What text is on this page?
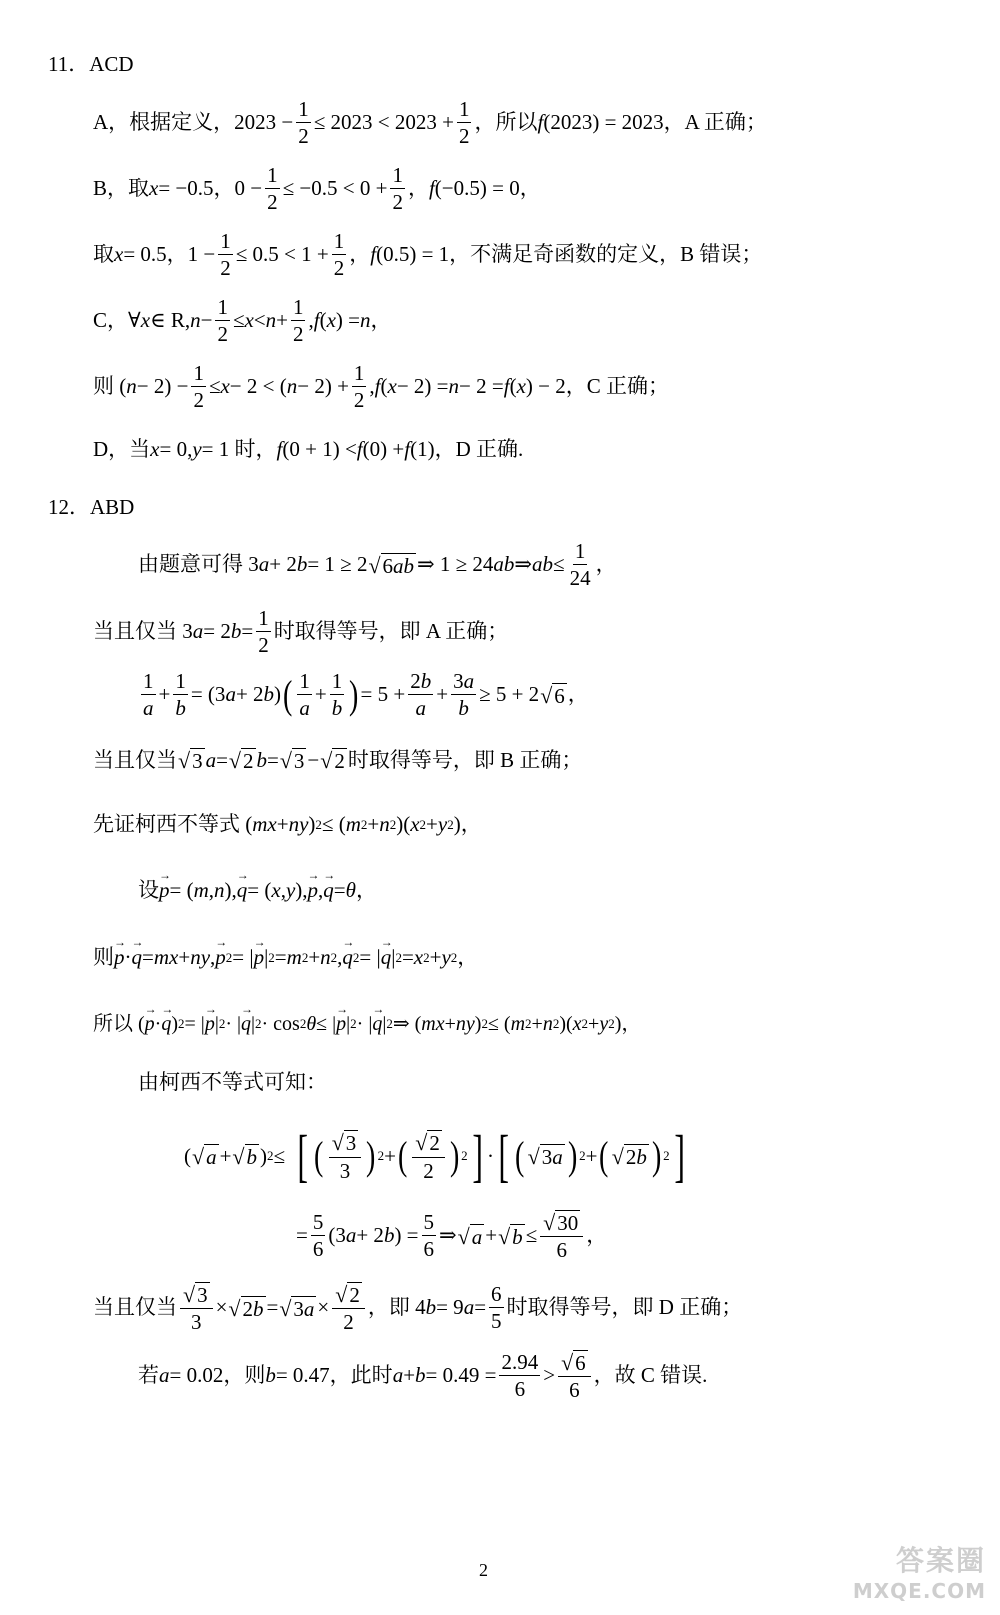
11．ACD
A，根据定义， $2023 - \frac{1}{2} \le 2023 < 2023 + \frac{1}{2}$ ，所以 f (2023) = 2023 ，A 正确；
B，取 x = −0.5，$0 - \frac{1}{2} \le -0.5 < 0 + \frac{1}{2}$ ， f (−0.5) = 0，
取 x = 0.5，$1 - \frac{1}{2} \le 0.5 < 1 + \frac{1}{2}$ ， f (0.5) = 1，不满足奇函数的定义，B 错误；
C， ∀ x ∈ R, $n - \frac{1}{2} \le x < n + \frac{1}{2}$ , f ( x ) = n ，
则 ( $n - 2) - \frac{1}{2} \le x - 2$ < ( $n - 2) + \frac{1}{2}$ , f ( x − 2) = n − 2 = f ( x ) − 2，C 正确；
D，当 x = 0, y = 1 时， f (0 + 1) < f (0) + f (1)，D 正确.
12．ABD
由题意可得 3 a + 2 b = 1 ≥ 2 √ 6ab ⇒ 1 ≥ 24 ab ⇒ ab ≤ $\frac{1}{24}$ ，
当且仅当 3 a = 2 $b = \frac{1}{2}$ 时取得等号，即 A 正确；
$\frac{1}{a} + \frac{1}{b} = (3$ a + 2 b ) ( $\frac{1}{a} + \frac{1}{b}$ ) = $5 + \frac{2b}{a} + \frac{3a}{b} \ge 5 + 2$ √ 6 ，
当且仅当 √ 3 a = √ 2 b = √ 3 − √ 2 时取得等号，即 B 正确；
先证柯西不等式 ( mx + ny ) 2 ≤ ( m 2 + n 2 )( x 2 + y 2 )，
设 → p = ( m , n ), → q = ( x , y ), → p , → q = θ ，
则 → p · → q = mx + ny , → p 2 = | → p | 2 = m 2 + n 2 , → q 2 = | → q | 2 = x 2 + y 2 ，
所以 ( → p · → q ) 2 = | → p | 2 · | → q | 2 · cos 2 θ ≤ | → p | 2 · | → q | 2 ⇒ ( mx + ny ) 2 ≤ ( m 2 + n 2 )( x 2 + y 2 )，
由柯西不等式可知：
( √ a + √ b ) 2 ≤ [ ( $\frac{√ 3}{3}$ ) 2 + ( $\frac{√ 2}{2}$ ) 2 ] · [ ( √ 3a ) 2 + ( √ 2b ) 2 ]
= $\frac{5}{6} (3$ a + 2 b ) = $\frac{5}{6}$ ⇒ √ a + √ $b \le \frac{√ 30}{6}$ ，
当且仅当 $\frac{√ 3}{3}$ × √ 2b = √ $3a \times \frac{√ 2}{2}$ ，即 4 b = 9 $a = \frac{6}{5}$ 时取得等号，即 D 正确；
若 a = 0.02，则 b = 0.47，此时 $a + b = 0.49 = \frac{2.94}{6} > \frac{√ 6}{6}$ ，故 C 错误.
2	答案圈
MXQE.COM
